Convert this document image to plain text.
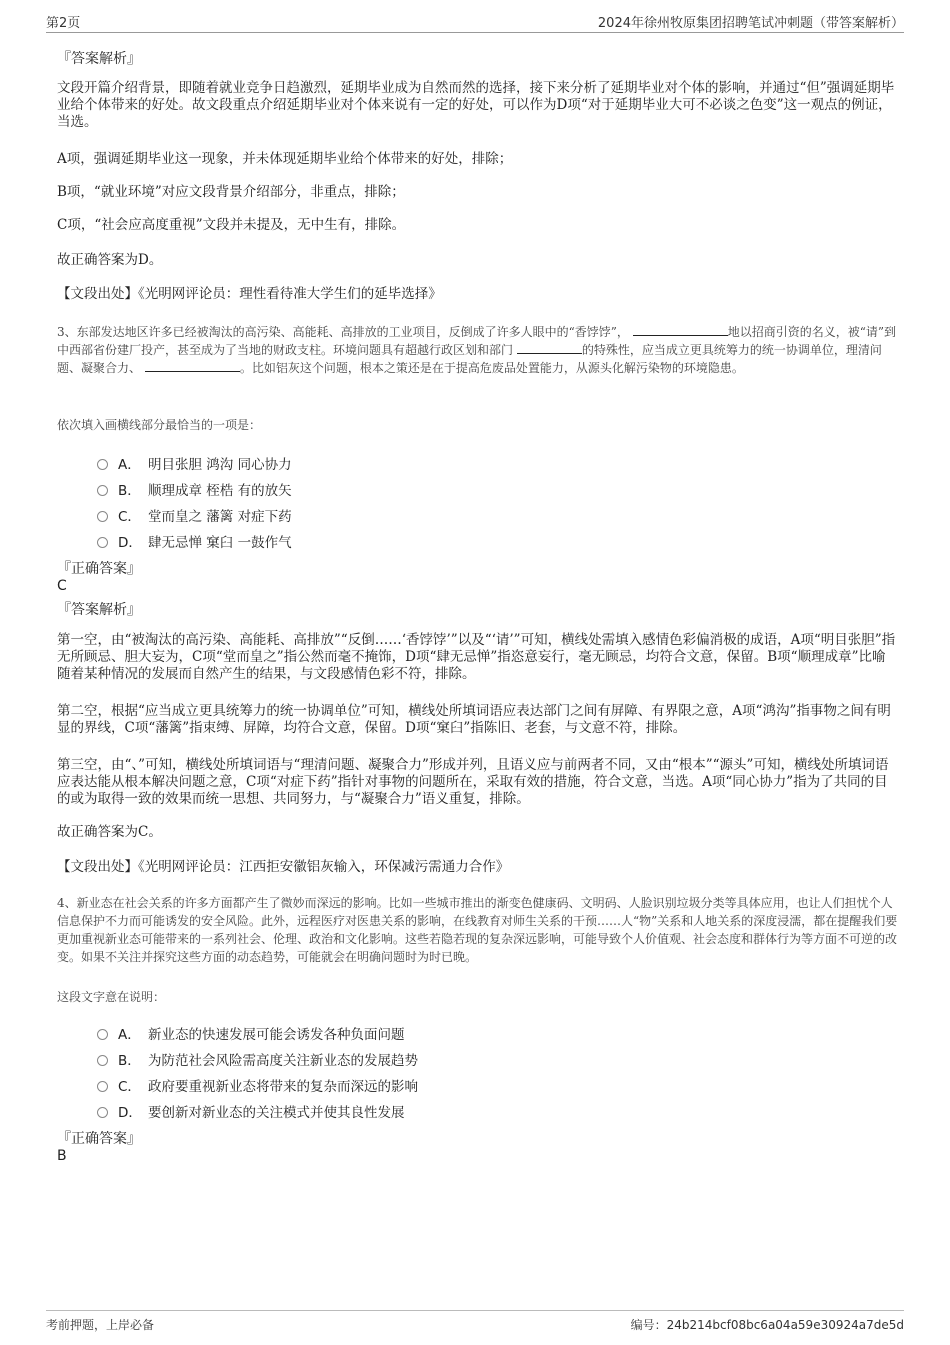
第2页	2024年徐州牧原集团招聘笔试冲刺题（带答案解析）
『答案解析』

文段开篇介绍背景，即随着就业竞争日趋激烈，延期毕业成为自然而然的选择，接下来分析了延期毕业对个体的影响，并通过“但”强调延期毕业给个体带来的好处。故文段重点介绍延期毕业对个体来说有一定的好处，可以作为D项“对于延期毕业大可不必谈之色变”这一观点的例证，当选。

A项，强调延期毕业这一现象，并未体现延期毕业给个体带来的好处，排除；

B项，“就业环境”对应文段背景介绍部分，非重点，排除；

C项，“社会应高度重视”文段并未提及，无中生有，排除。

故正确答案为D。

【文段出处】《光明网评论员：理性看待准大学生们的延毕选择》

3、东部发达地区许多已经被淘汰的高污染、高能耗、高排放的工业项目，反倒成了许多人眼中的“香饽饽”，	地以招商引资的名义，被“请”到中西部省份建厂投产，甚至成为了当地的财政支柱。环境问题具有超越行政区划和部门	的特殊性，应当成立更具统筹力的统一协调单位，理清问题、凝聚合力、	。比如铝灰这个问题，根本之策还是在于提高危废品处置能力，从源头化解污染物的环境隐患。

依次填入画横线部分最恰当的一项是：

A． 明目张胆 鸿沟 同心协力
B． 顺理成章 桎梏 有的放矢
C． 堂而皇之 藩篱 对症下药
D． 肆无忌惮 窠臼 一鼓作气
『正确答案』
C
『答案解析』

第一空，由“被淘汰的高污染、高能耗、高排放”“反倒……‘香饽饽’”以及“‘请’”可知，横线处需填入感情色彩偏消极的成语，A项“明目张胆”指无所顾忌、胆大妄为，C项“堂而皇之”指公然而毫不掩饰，D项“肆无忌惮”指恣意妄行，毫无顾忌，均符合文意，保留。B项“顺理成章”比喻随着某种情况的发展而自然产生的结果，与文段感情色彩不符，排除。

第二空，根据“应当成立更具统筹力的统一协调单位”可知，横线处所填词语应表达部门之间有屏障、有界限之意，A项“鸿沟”指事物之间有明显的界线，C项“藩篱”指束缚、屏障，均符合文意，保留。D项“窠臼”指陈旧、老套，与文意不符，排除。

第三空，由“、”可知，横线处所填词语与“理清问题、凝聚合力”形成并列，且语义应与前两者不同，又由“根本”“源头”可知，横线处所填词语应表达能从根本解决问题之意，C项“对症下药”指针对事物的问题所在，采取有效的措施，符合文意，当选。A项“同心协力”指为了共同的目的或为取得一致的效果而统一思想、共同努力，与“凝聚合力”语义重复，排除。

故正确答案为C。

【文段出处】《光明网评论员：江西拒安徽铝灰输入，环保减污需通力合作》

4、新业态在社会关系的许多方面都产生了微妙而深远的影响。比如一些城市推出的渐变色健康码、文明码、人脸识别垃圾分类等具体应用，也让人们担忧个人信息保护不力而可能诱发的安全风险。此外，远程医疗对医患关系的影响，在线教育对师生关系的干预……人“物”关系和人地关系的深度浸濡，都在提醒我们要更加重视新业态可能带来的一系列社会、伦理、政治和文化影响。这些若隐若现的复杂深远影响，可能导致个人价值观、社会态度和群体行为等方面不可逆的改变。如果不关注并探究这些方面的动态趋势，可能就会在明确问题时为时已晚。

这段文字意在说明：

A． 新业态的快速发展可能会诱发各种负面问题
B． 为防范社会风险需高度关注新业态的发展趋势
C． 政府要重视新业态将带来的复杂而深远的影响
D． 要创新对新业态的关注模式并使其良性发展
『正确答案』
B
考前押题，上岸必备	编号：24b214bcf08bc6a04a59e30924a7de5d
